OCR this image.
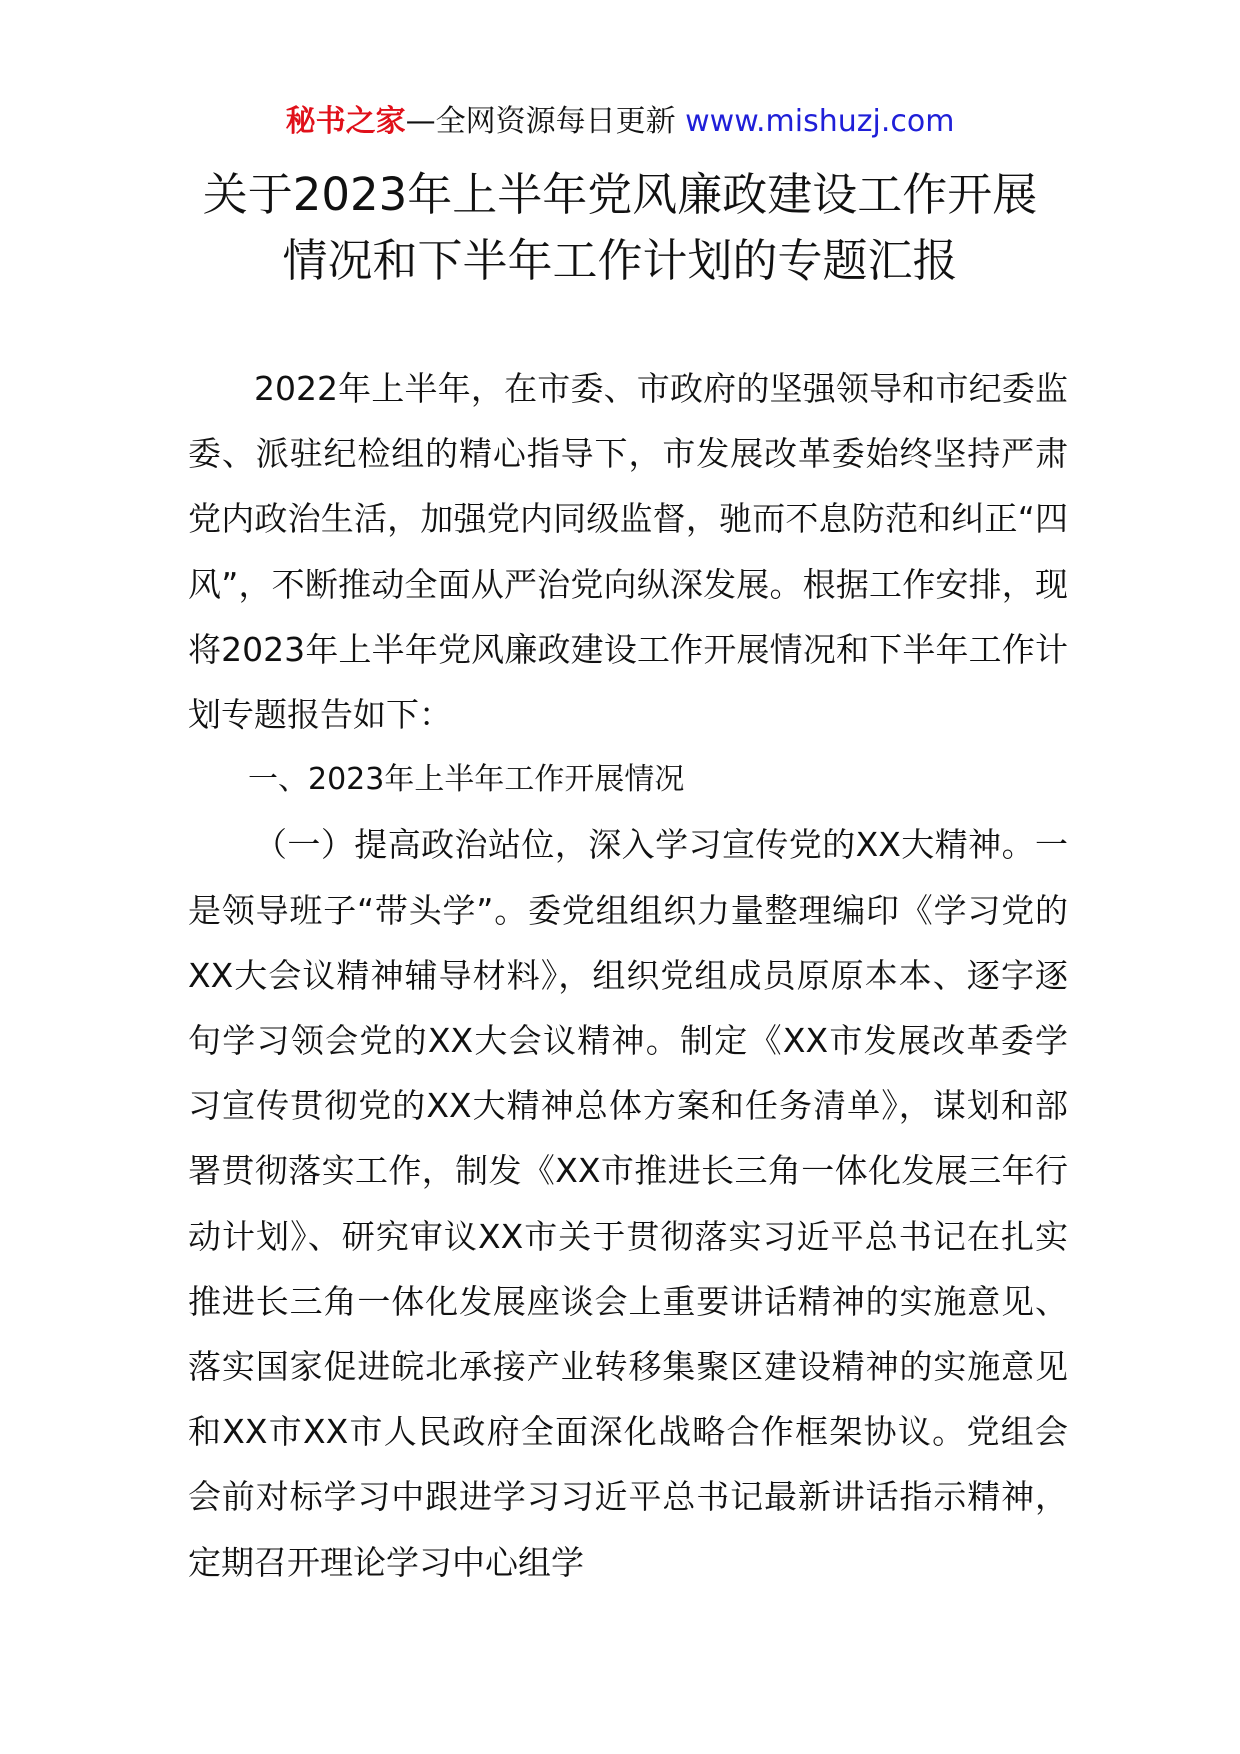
秘书之家—全网资源每日更新 www.mishuzj.com
关于2023年上半年党风廉政建设工作开展
情况和下半年工作计划的专题汇报

2022年上半年，在市委、市政府的坚强领导和市纪委监委、派驻纪检组的精心指导下，市发展改革委始终坚持严肃党内政治生活，加强党内同级监督，驰而不息防范和纠正“四风”，不断推动全面从严治党向纵深发展。根据工作安排，现将2023年上半年党风廉政建设工作开展情况和下半年工作计划专题报告如下：

一、2023年上半年工作开展情况

（一）提高政治站位，深入学习宣传党的XX大精神。一是领导班子“带头学”。委党组组织力量整理编印《学习党的XX大会议精神辅导材料》，组织党组成员原原本本、逐字逐句学习领会党的XX大会议精神。制定《XX市发展改革委学习宣传贯彻党的XX大精神总体方案和任务清单》，谋划和部署贯彻落实工作，制发《XX市推进长三角一体化发展三年行动计划》、研究审议XX市关于贯彻落实习近平总书记在扎实推进长三角一体化发展座谈会上重要讲话精神的实施意见、落实国家促进皖北承接产业转移集聚区建设精神的实施意见和XX市XX市人民政府全面深化战略合作框架协议。党组会会前对标学习中跟进学习习近平总书记最新讲话指示精神，定期召开理论学习中心组学
